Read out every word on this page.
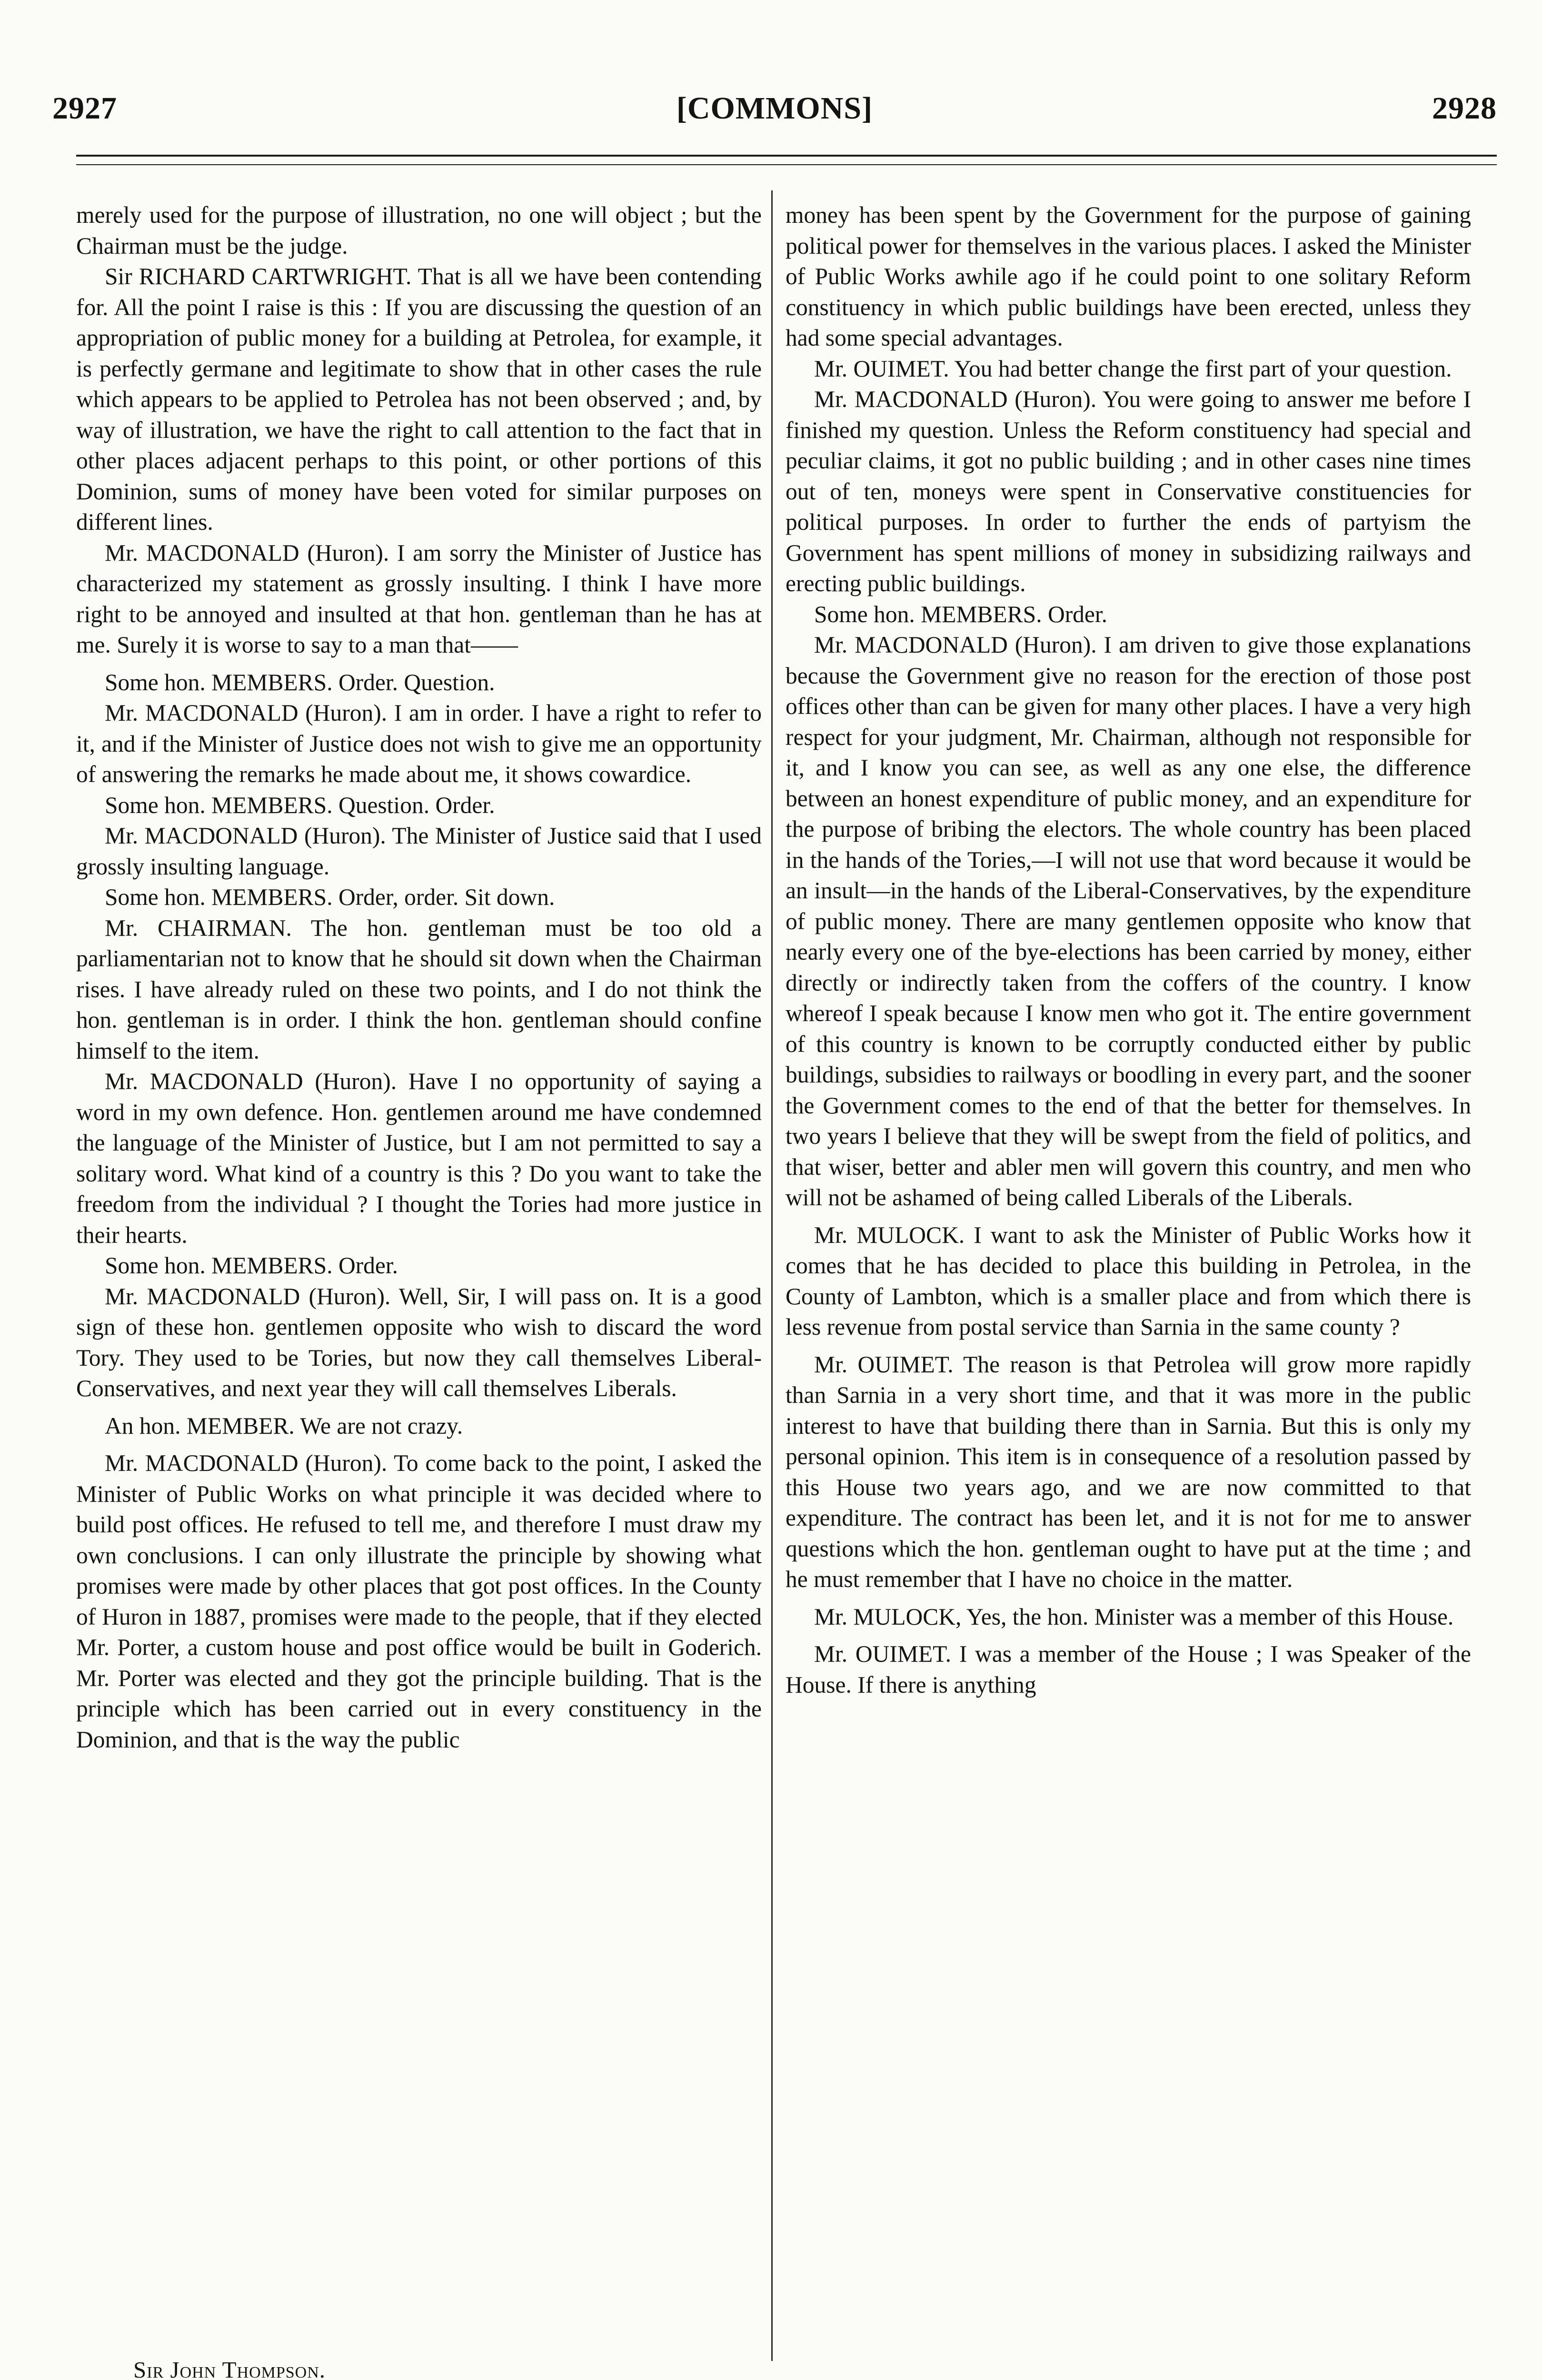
2927	[COMMONS]	2928

merely used for the purpose of illustration, no one will object ; but the Chairman must be the judge.

Sir RICHARD CARTWRIGHT. That is all we have been contending for. All the point I raise is this : If you are discussing the question of an appropriation of public money for a building at Petrolea, for example, it is perfectly germane and legitimate to show that in other cases the rule which appears to be applied to Petrolea has not been observed ; and, by way of illustration, we have the right to call attention to the fact that in other places adjacent perhaps to this point, or other portions of this Dominion, sums of money have been voted for similar purposes on different lines.

Mr. MACDONALD (Huron). I am sorry the Minister of Justice has characterized my statement as grossly insulting. I think I have more right to be annoyed and insulted at that hon. gentleman than he has at me. Surely it is worse to say to a man that——

Some hon. MEMBERS. Order. Question.

Mr. MACDONALD (Huron). I am in order. I have a right to refer to it, and if the Minister of Justice does not wish to give me an opportunity of answering the remarks he made about me, it shows cowardice.

Some hon. MEMBERS. Question. Order.

Mr. MACDONALD (Huron). The Minister of Justice said that I used grossly insulting language.

Some hon. MEMBERS. Order, order. Sit down.

Mr. CHAIRMAN. The hon. gentleman must be too old a parliamentarian not to know that he should sit down when the Chairman rises. I have already ruled on these two points, and I do not think the hon. gentleman is in order. I think the hon. gentleman should confine himself to the item.

Mr. MACDONALD (Huron). Have I no opportunity of saying a word in my own defence. Hon. gentlemen around me have condemned the language of the Minister of Justice, but I am not permitted to say a solitary word. What kind of a country is this ? Do you want to take the freedom from the individual ? I thought the Tories had more justice in their hearts.

Some hon. MEMBERS. Order.

Mr. MACDONALD (Huron). Well, Sir, I will pass on. It is a good sign of these hon. gentlemen opposite who wish to discard the word Tory. They used to be Tories, but now they call themselves Liberal-Conservatives, and next year they will call themselves Liberals.

An hon. MEMBER. We are not crazy.

Mr. MACDONALD (Huron). To come back to the point, I asked the Minister of Public Works on what principle it was decided where to build post offices. He refused to tell me, and therefore I must draw my own conclusions. I can only illustrate the principle by showing what promises were made by other places that got post offices. In the County of Huron in 1887, promises were made to the people, that if they elected Mr. Porter, a custom house and post office would be built in Goderich. Mr. Porter was elected and they got the principle building. That is the principle which has been carried out in every constituency in the Dominion, and that is the way the public

money has been spent by the Government for the purpose of gaining political power for themselves in the various places. I asked the Minister of Public Works awhile ago if he could point to one solitary Reform constituency in which public buildings have been erected, unless they had some special advantages.

Mr. OUIMET. You had better change the first part of your question.

Mr. MACDONALD (Huron). You were going to answer me before I finished my question. Unless the Reform constituency had special and peculiar claims, it got no public building ; and in other cases nine times out of ten, moneys were spent in Conservative constituencies for political purposes. In order to further the ends of partyism the Government has spent millions of money in subsidizing railways and erecting public buildings.

Some hon. MEMBERS. Order.

Mr. MACDONALD (Huron). I am driven to give those explanations because the Government give no reason for the erection of those post offices other than can be given for many other places. I have a very high respect for your judgment, Mr. Chairman, although not responsible for it, and I know you can see, as well as any one else, the difference between an honest expenditure of public money, and an expenditure for the purpose of bribing the electors. The whole country has been placed in the hands of the Tories,—I will not use that word because it would be an insult—in the hands of the Liberal-Conservatives, by the expenditure of public money. There are many gentlemen opposite who know that nearly every one of the bye-elections has been carried by money, either directly or indirectly taken from the coffers of the country. I know whereof I speak because I know men who got it. The entire government of this country is known to be corruptly conducted either by public buildings, subsidies to railways or boodling in every part, and the sooner the Government comes to the end of that the better for themselves. In two years I believe that they will be swept from the field of politics, and that wiser, better and abler men will govern this country, and men who will not be ashamed of being called Liberals of the Liberals.

Mr. MULOCK. I want to ask the Minister of Public Works how it comes that he has decided to place this building in Petrolea, in the County of Lambton, which is a smaller place and from which there is less revenue from postal service than Sarnia in the same county ?

Mr. OUIMET. The reason is that Petrolea will grow more rapidly than Sarnia in a very short time, and that it was more in the public interest to have that building there than in Sarnia. But this is only my personal opinion. This item is in consequence of a resolution passed by this House two years ago, and we are now committed to that expenditure. The contract has been let, and it is not for me to answer questions which the hon. gentleman ought to have put at the time ; and he must remember that I have no choice in the matter.

Mr. MULOCK, Yes, the hon. Minister was a member of this House.

Mr. OUIMET. I was a member of the House ; I was Speaker of the House. If there is anything

Sir John Thompson.
